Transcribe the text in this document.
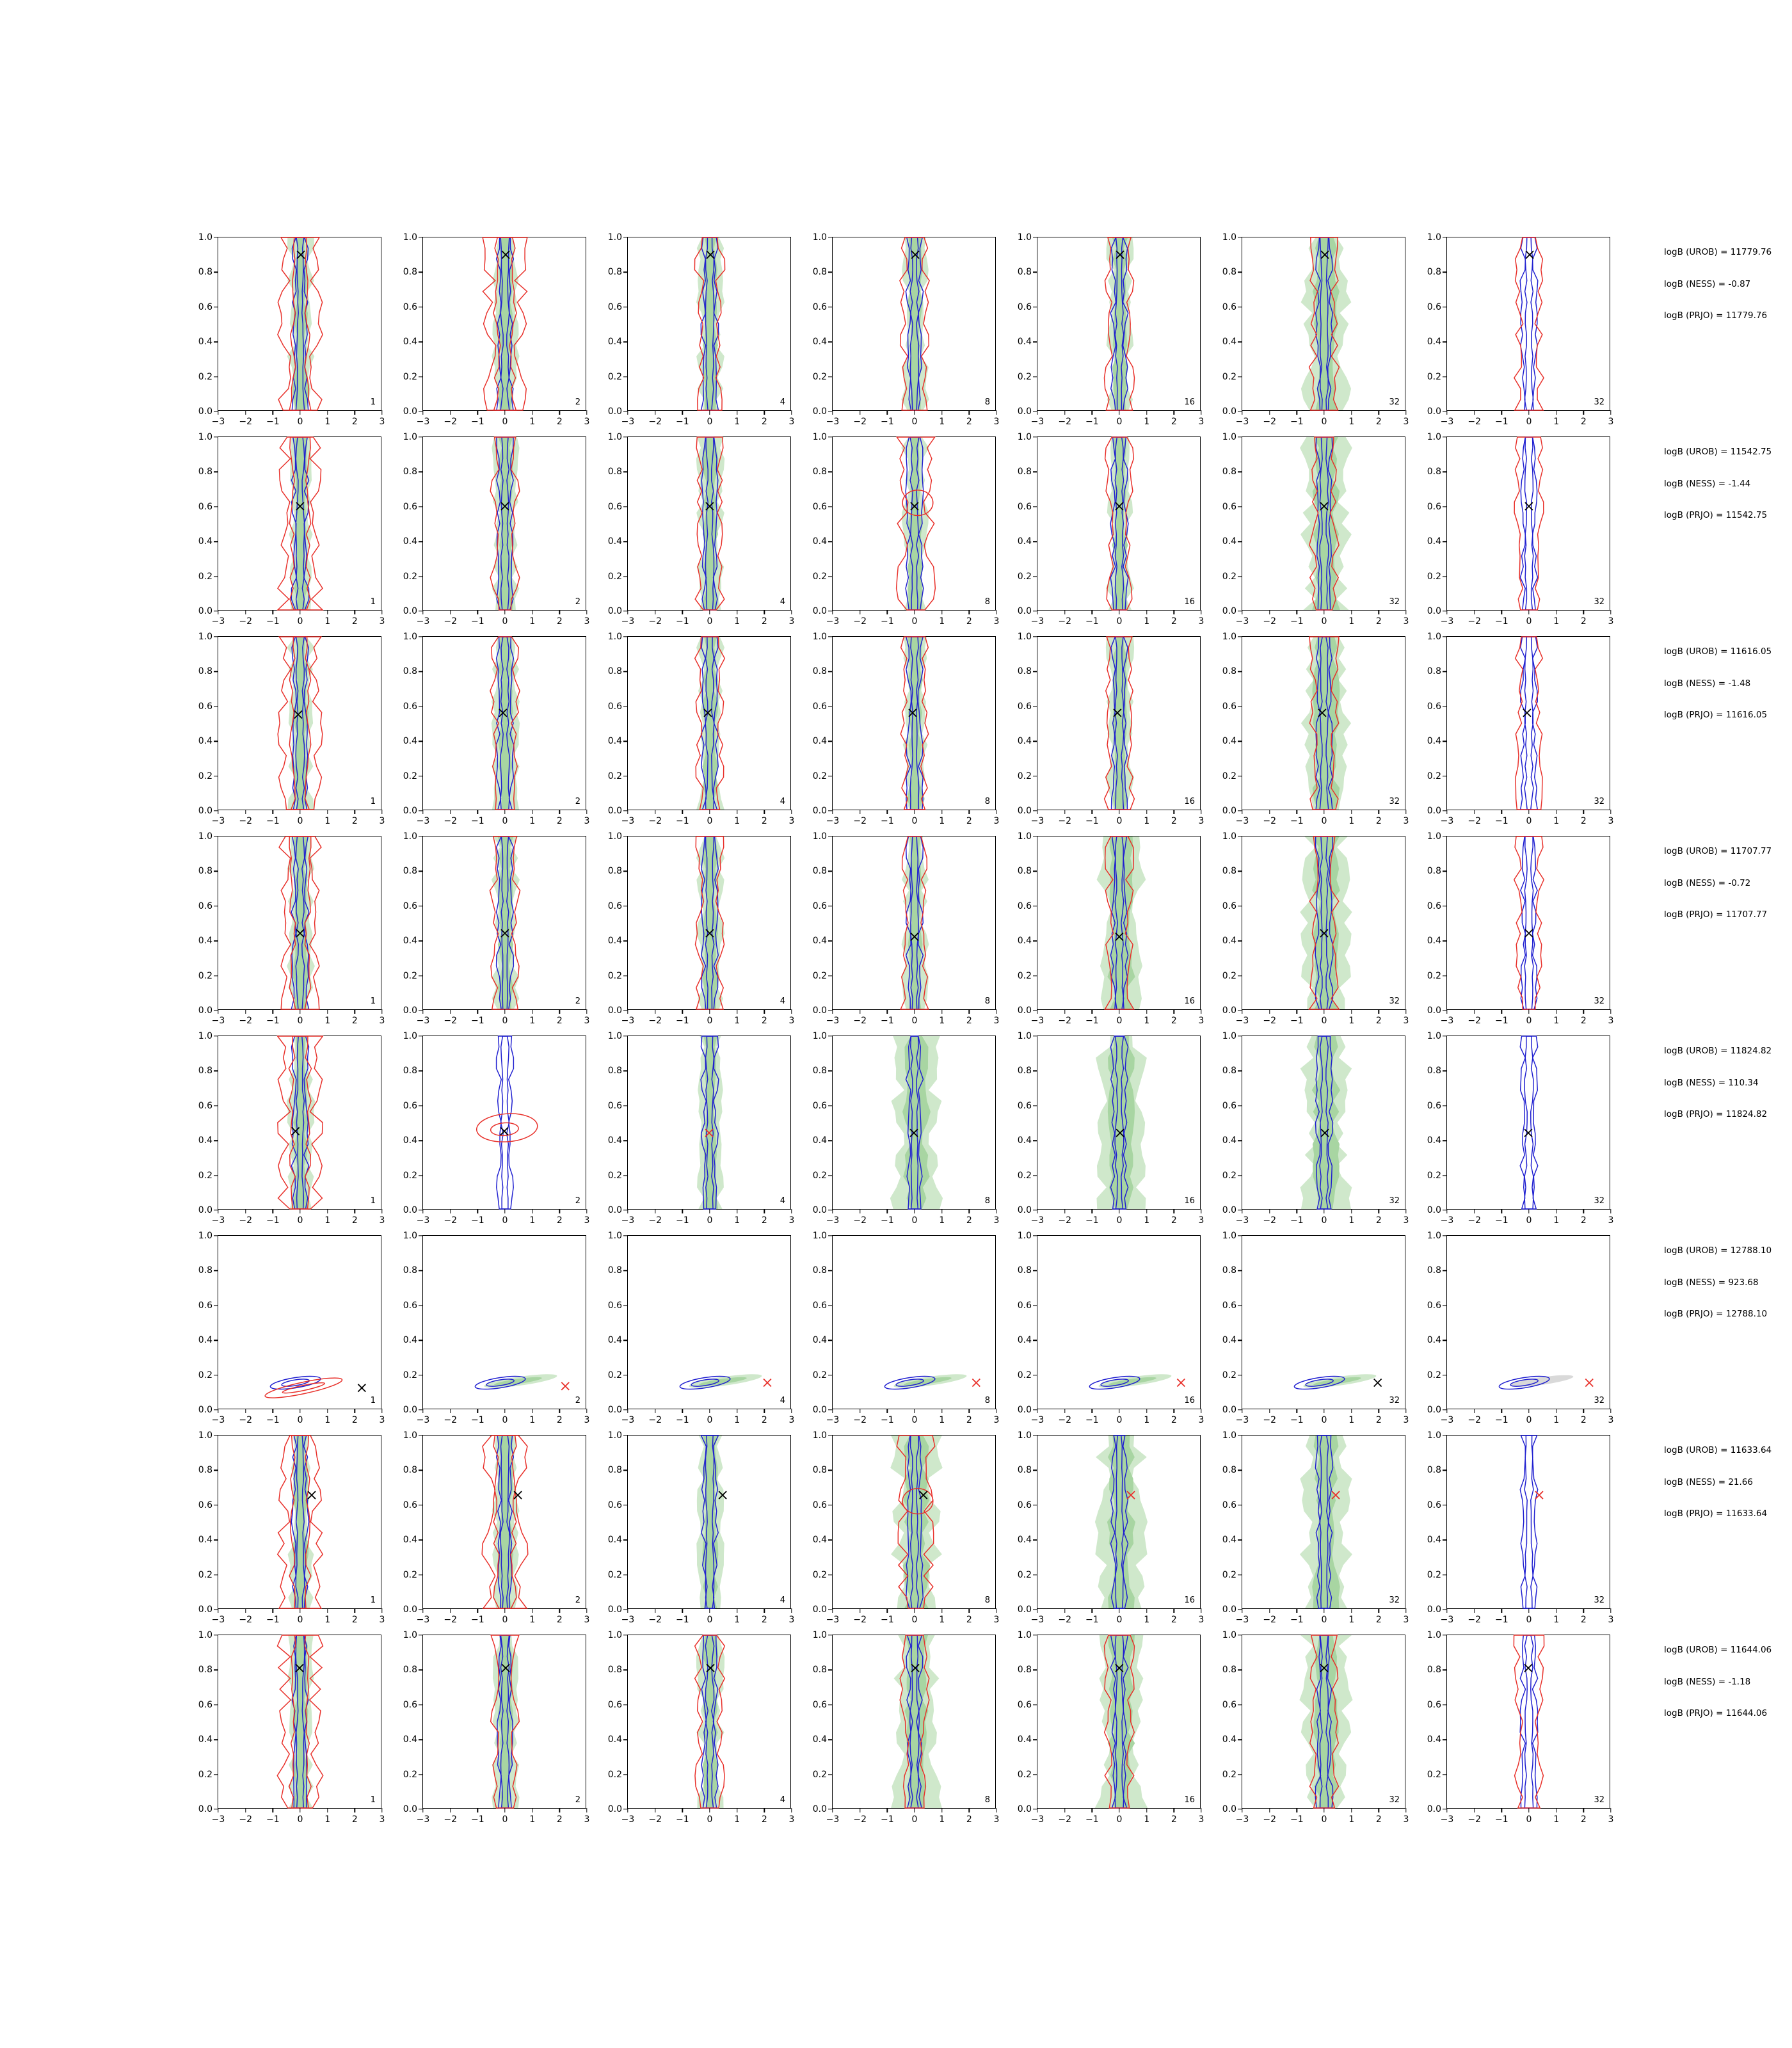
0.0
0.2
0.4
0.6
0.8
1.0
−3 −2 −1 0 1 2 3
1
0.0
0.2
0.4
0.6
0.8
1.0
−3 −2 −1 0 1 2 3
2
0.0
0.2
0.4
0.6
0.8
1.0
−3 −2 −1 0 1 2 3
4
0.0
0.2
0.4
0.6
0.8
1.0
−3 −2 −1 0 1 2 3
8
0.0
0.2
0.4
0.6
0.8
1.0
−3 −2 −1 0 1 2 3
16
0.0
0.2
0.4
0.6
0.8
1.0
−3 −2 −1 0 1 2 3
32
0.0
0.2
0.4
0.6
0.8
1.0
−3 −2 −1 0 1 2 3
32
logB (UROB) = 11779.76
logB (NESS) = -0.87
logB (PRJO) = 11779.76
0.0
0.2
0.4
0.6
0.8
1.0
−3 −2 −1 0 1 2 3
1
0.0
0.2
0.4
0.6
0.8
1.0
−3 −2 −1 0 1 2 3
2
0.0
0.2
0.4
0.6
0.8
1.0
−3 −2 −1 0 1 2 3
4
0.0
0.2
0.4
0.6
0.8
1.0
−3 −2 −1 0 1 2 3
8
0.0
0.2
0.4
0.6
0.8
1.0
−3 −2 −1 0 1 2 3
16
0.0
0.2
0.4
0.6
0.8
1.0
−3 −2 −1 0 1 2 3
32
0.0
0.2
0.4
0.6
0.8
1.0
−3 −2 −1 0 1 2 3
32
logB (UROB) = 11542.75
logB (NESS) = -1.44
logB (PRJO) = 11542.75
0.0
0.2
0.4
0.6
0.8
1.0
−3 −2 −1 0 1 2 3
1
0.0
0.2
0.4
0.6
0.8
1.0
−3 −2 −1 0 1 2 3
2
0.0
0.2
0.4
0.6
0.8
1.0
−3 −2 −1 0 1 2 3
4
0.0
0.2
0.4
0.6
0.8
1.0
−3 −2 −1 0 1 2 3
8
0.0
0.2
0.4
0.6
0.8
1.0
−3 −2 −1 0 1 2 3
16
0.0
0.2
0.4
0.6
0.8
1.0
−3 −2 −1 0 1 2 3
32
0.0
0.2
0.4
0.6
0.8
1.0
−3 −2 −1 0 1 2 3
32
logB (UROB) = 11616.05
logB (NESS) = -1.48
logB (PRJO) = 11616.05
0.0
0.2
0.4
0.6
0.8
1.0
−3 −2 −1 0 1 2 3
1
0.0
0.2
0.4
0.6
0.8
1.0
−3 −2 −1 0 1 2 3
2
0.0
0.2
0.4
0.6
0.8
1.0
−3 −2 −1 0 1 2 3
4
0.0
0.2
0.4
0.6
0.8
1.0
−3 −2 −1 0 1 2 3
8
0.0
0.2
0.4
0.6
0.8
1.0
−3 −2 −1 0 1 2 3
16
0.0
0.2
0.4
0.6
0.8
1.0
−3 −2 −1 0 1 2 3
32
0.0
0.2
0.4
0.6
0.8
1.0
−3 −2 −1 0 1 2 3
32
logB (UROB) = 11707.77
logB (NESS) = -0.72
logB (PRJO) = 11707.77
0.0
0.2
0.4
0.6
0.8
1.0
−3 −2 −1 0 1 2 3
1
0.0
0.2
0.4
0.6
0.8
1.0
−3 −2 −1 0 1 2 3
2
0.0
0.2
0.4
0.6
0.8
1.0
−3 −2 −1 0 1 2 3
4
0.0
0.2
0.4
0.6
0.8
1.0
−3 −2 −1 0 1 2 3
8
0.0
0.2
0.4
0.6
0.8
1.0
−3 −2 −1 0 1 2 3
16
0.0
0.2
0.4
0.6
0.8
1.0
−3 −2 −1 0 1 2 3
32
0.0
0.2
0.4
0.6
0.8
1.0
−3 −2 −1 0 1 2 3
32
logB (UROB) = 11824.82
logB (NESS) = 110.34
logB (PRJO) = 11824.82
0.0
0.2
0.4
0.6
0.8
1.0
−3 −2 −1 0 1 2 3
1
0.0
0.2
0.4
0.6
0.8
1.0
−3 −2 −1 0 1 2 3
2
0.0
0.2
0.4
0.6
0.8
1.0
−3 −2 −1 0 1 2 3
4
0.0
0.2
0.4
0.6
0.8
1.0
−3 −2 −1 0 1 2 3
8
0.0
0.2
0.4
0.6
0.8
1.0
−3 −2 −1 0 1 2 3
16
0.0
0.2
0.4
0.6
0.8
1.0
−3 −2 −1 0 1 2 3
32
0.0
0.2
0.4
0.6
0.8
1.0
−3 −2 −1 0 1 2 3
32
logB (UROB) = 12788.10
logB (NESS) = 923.68
logB (PRJO) = 12788.10
0.0
0.2
0.4
0.6
0.8
1.0
−3 −2 −1 0 1 2 3
1
0.0
0.2
0.4
0.6
0.8
1.0
−3 −2 −1 0 1 2 3
2
0.0
0.2
0.4
0.6
0.8
1.0
−3 −2 −1 0 1 2 3
4
0.0
0.2
0.4
0.6
0.8
1.0
−3 −2 −1 0 1 2 3
8
0.0
0.2
0.4
0.6
0.8
1.0
−3 −2 −1 0 1 2 3
16
0.0
0.2
0.4
0.6
0.8
1.0
−3 −2 −1 0 1 2 3
32
0.0
0.2
0.4
0.6
0.8
1.0
−3 −2 −1 0 1 2 3
32
logB (UROB) = 11633.64
logB (NESS) = 21.66
logB (PRJO) = 11633.64
0.0
0.2
0.4
0.6
0.8
1.0
−3 −2 −1 0 1 2 3
1
0.0
0.2
0.4
0.6
0.8
1.0
−3 −2 −1 0 1 2 3
2
0.0
0.2
0.4
0.6
0.8
1.0
−3 −2 −1 0 1 2 3
4
0.0
0.2
0.4
0.6
0.8
1.0
−3 −2 −1 0 1 2 3
8
0.0
0.2
0.4
0.6
0.8
1.0
−3 −2 −1 0 1 2 3
16
0.0
0.2
0.4
0.6
0.8
1.0
−3 −2 −1 0 1 2 3
32
0.0
0.2
0.4
0.6
0.8
1.0
−3 −2 −1 0 1 2 3
32
logB (UROB) = 11644.06
logB (NESS) = -1.18
logB (PRJO) = 11644.06
